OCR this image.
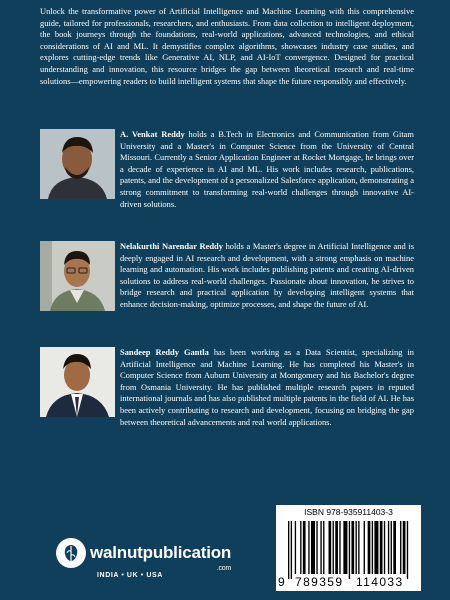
Unlock the transformative power of Artificial Intelligence and Machine Learning with this comprehensive guide, tailored for professionals, researchers, and enthusiasts. From data collection to intelligent deployment, the book journeys through the foundations, real-world applications, advanced technologies, and ethical considerations of AI and ML. It demystifies complex algorithms, showcases industry case studies, and explores cutting-edge trends like Generative AI, NLP, and AI-IoT convergence. Designed for practical understanding and innovation, this resource bridges the gap between theoretical research and real-time solutions—empowering readers to build intelligent systems that shape the future responsibly and effectively.

A. Venkat Reddy holds a B.Tech in Electronics and Communication from Gitam University and a Master's in Computer Science from the University of Central Missouri. Currently a Senior Application Engineer at Rocket Mortgage, he brings over a decade of experience in AI and ML. His work includes research, publications, patents, and the development of a personalized Salesforce application, demonstrating a strong commitment to transforming real-world challenges through innovative AI-driven solutions.

Nelakurthi Narendar Reddy holds a Master's degree in Artificial Intelligence and is deeply engaged in AI research and development, with a strong emphasis on machine learning and automation. His work includes publishing patents and creating AI-driven solutions to address real-world challenges. Passionate about innovation, he strives to bridge research and practical application by developing intelligent systems that enhance decision-making, optimize processes, and shape the future of AI.

Sandeep Reddy Gantla has been working as a Data Scientist, specializing in Artificial Intelligence and Machine Learning. He has completed his Master's in Computer Science from Auburn University at Montgomery and his Bachelor's degree from Osmania University. He has published multiple research papers in reputed international journals and has also published multiple patents in the field of AI. He has been actively contributing to research and development, focusing on bridging the gap between theoretical advancements and real world applications.

walnutpublication
.com
INDIA • UK • USA
ISBN 978-935911403-3
9 789359 114033
